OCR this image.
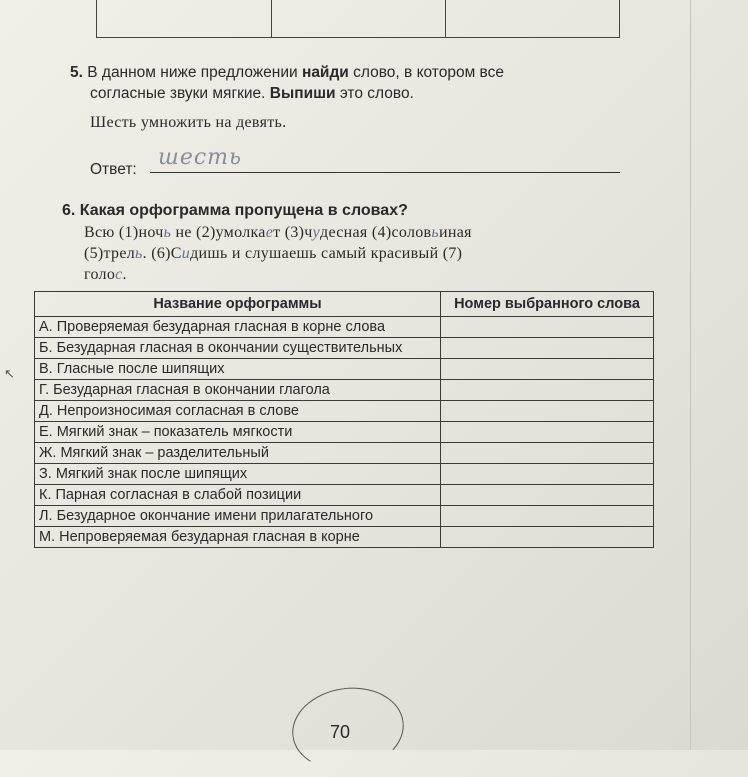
5. В данном ниже предложении найди слово, в котором все
согласные звуки мягкие. Выпиши это слово.
Шесть умножить на девять.
Ответ: шесть
6. Какая орфограмма пропущена в словах?
Всю (1)ночь не (2)умолкает (3)чудесная (4)соловьиная
(5)трель. (6)Сидишь и слушаешь самый красивый (7)
голос.
↖
Название орфограммы	Номер выбранного слова
А. Проверяемая безударная гласная в корне слова	
Б. Безударная гласная в окончании существительных	
В. Гласные после шипящих	
Г. Безударная гласная в окончании глагола	
Д. Непроизносимая согласная в слове	
Е. Мягкий знак – показатель мягкости	
Ж. Мягкий знак – разделительный	
З. Мягкий знак после шипящих	
К. Парная согласная в слабой позиции	
Л. Безударное окончание имени прилагательного	
М. Непроверяемая безударная гласная в корне	
70
